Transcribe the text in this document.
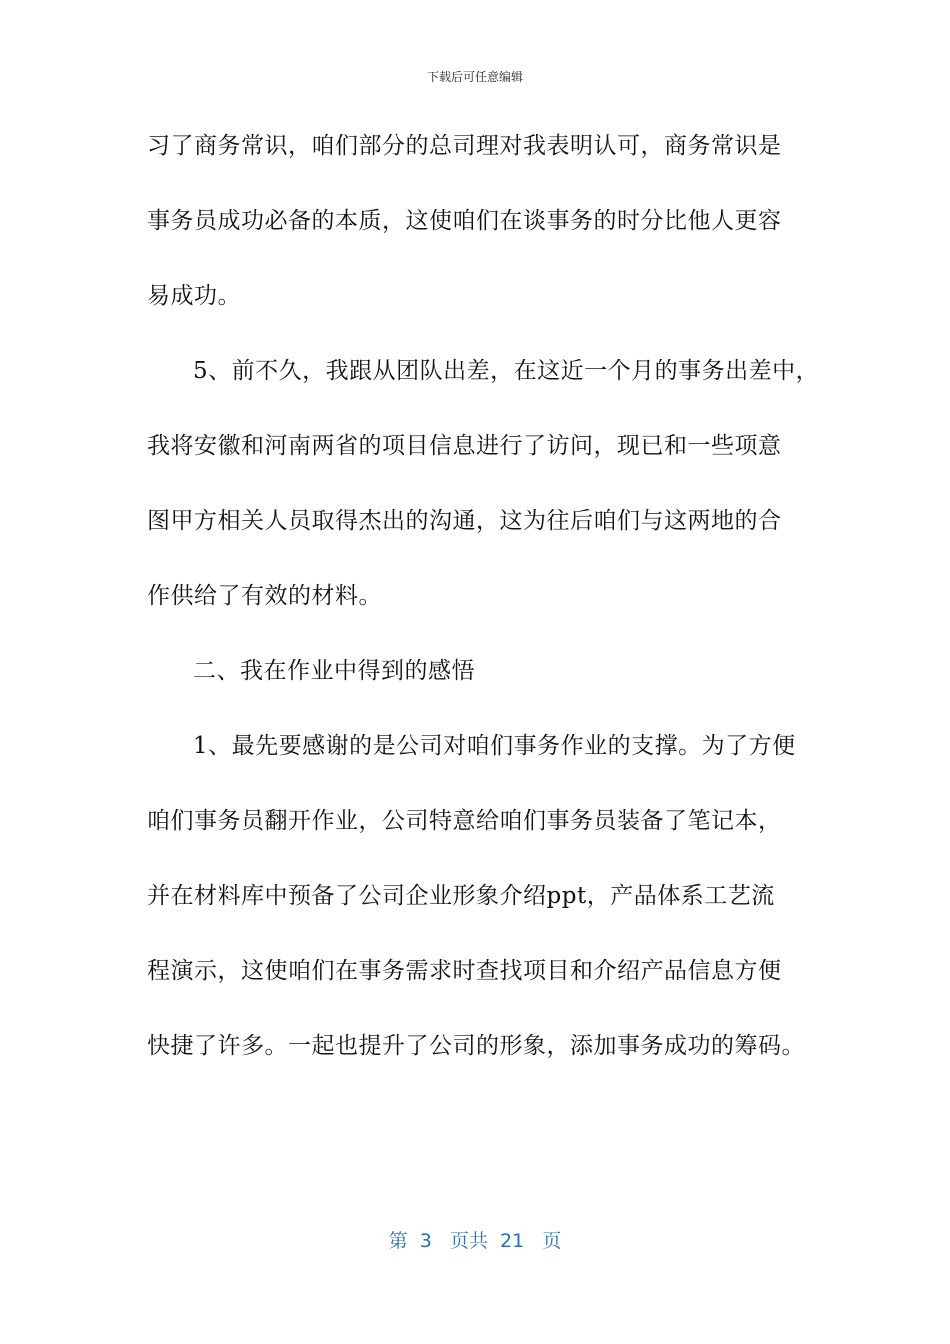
下载后可任意编辑
习了商务常识，咱们部分的总司理对我表明认可，商务常识是
事务员成功必备的本质，这使咱们在谈事务的时分比他人更容
易成功。
5、前不久，我跟从团队出差，在这近一个月的事务出差中，
我将安徽和河南两省的项目信息进行了访问，现已和一些项意
图甲方相关人员取得杰出的沟通，这为往后咱们与这两地的合
作供给了有效的材料。
二、我在作业中得到的感悟
1、最先要感谢的是公司对咱们事务作业的支撑。为了方便
咱们事务员翻开作业，公司特意给咱们事务员装备了笔记本，
并在材料库中预备了公司企业形象介绍ppt，产品体系工艺流
程演示，这使咱们在事务需求时查找项目和介绍产品信息方便
快捷了许多。一起也提升了公司的形象，添加事务成功的筹码。
第  3   页共  21   页
